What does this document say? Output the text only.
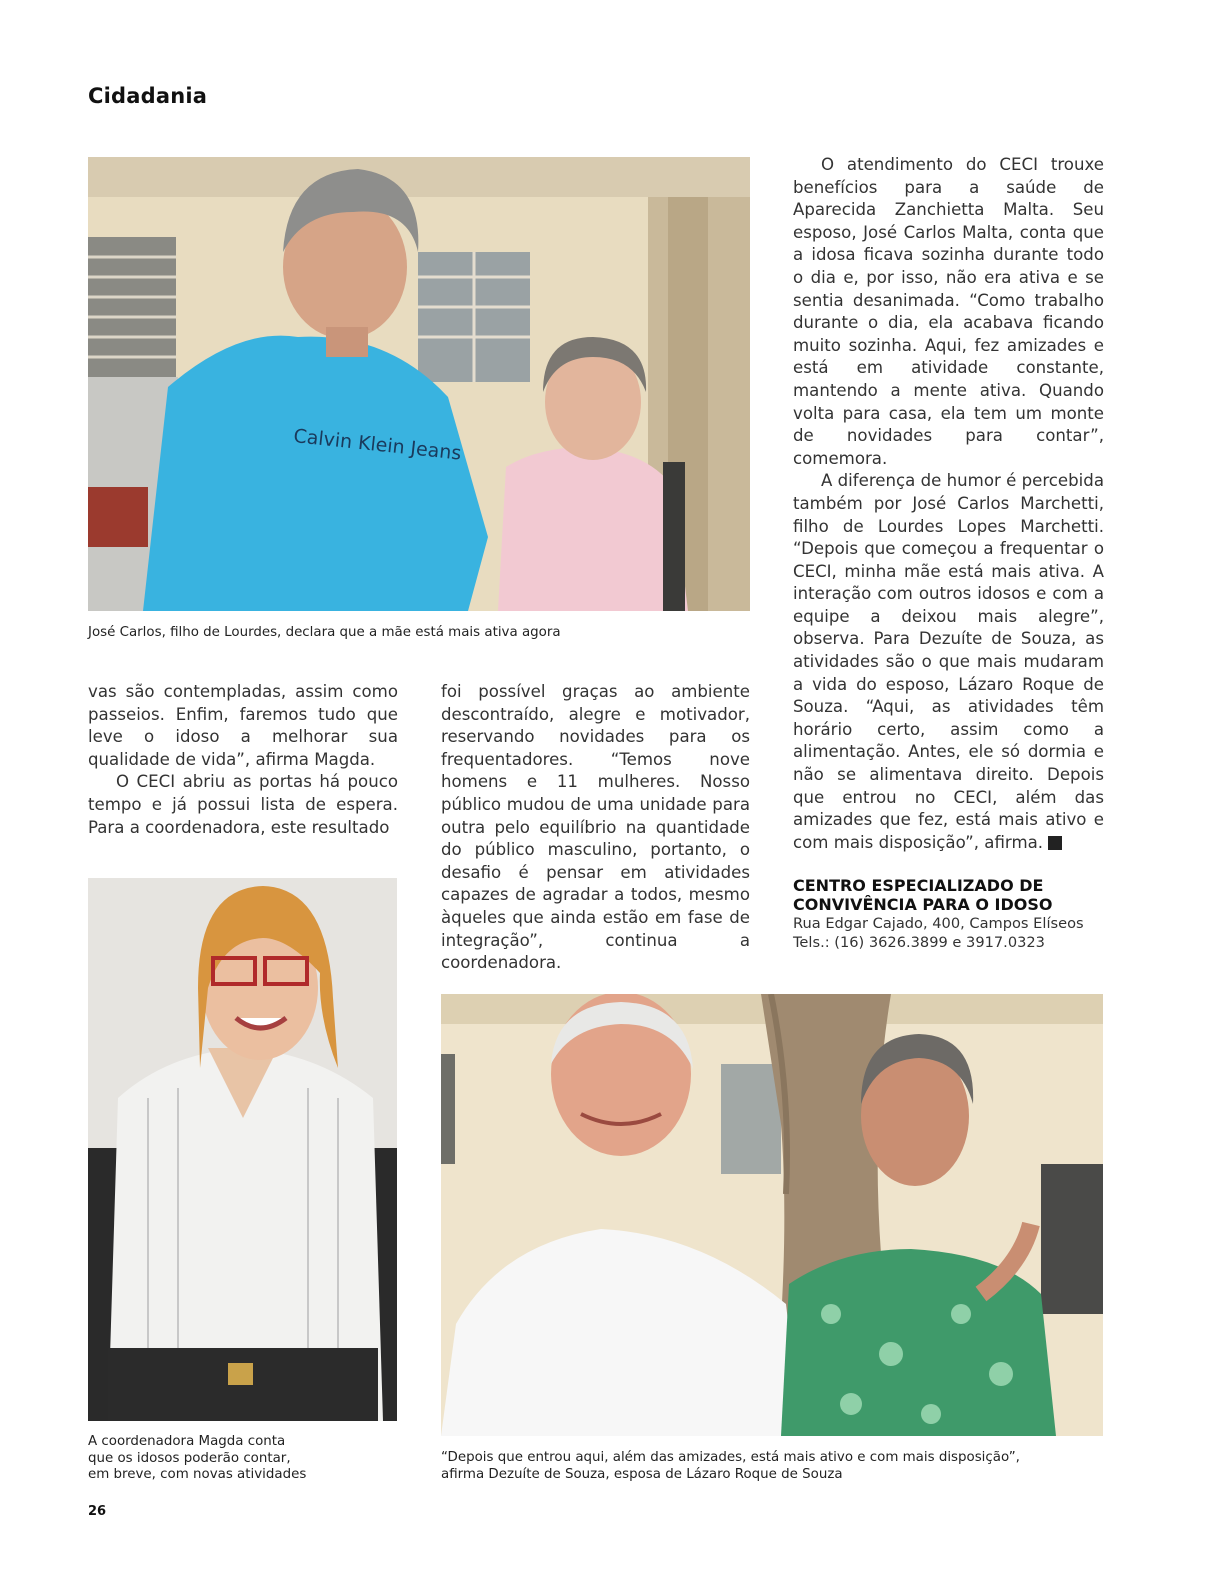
Cidadania
Calvin Klein Jeans
José Carlos, filho de Lourdes, declara que a mãe está mais ativa agora

vas são contempladas, assim como passeios. Enfim, faremos tudo que leve o idoso a melhorar sua qualidade de vida”, afirma Magda.

O CECI abriu as portas há pouco tempo e já possui lista de espera. Para a coordenadora, este resultado

foi possível graças ao ambiente descontraído, alegre e motivador, reservando novidades para os frequentadores. “Temos nove homens e 11 mulheres. Nosso público mudou de uma unidade para outra pelo equilíbrio na quantidade do público masculino, portanto, o desafio é pensar em atividades capazes de agradar a todos, mesmo àqueles que ainda estão em fase de integração”, continua a coordenadora.

O atendimento do CECI trouxe benefícios para a saúde de Aparecida Zanchietta Malta. Seu esposo, José Carlos Malta, conta que a idosa ficava sozinha durante todo o dia e, por isso, não era ativa e se sentia desanimada. “Como trabalho durante o dia, ela acabava ficando muito sozinha. Aqui, fez amizades e está em atividade constante, mantendo a mente ativa. Quando volta para casa, ela tem um monte de novidades para contar”, comemora.

A diferença de humor é percebida também por José Carlos Marchetti, filho de Lourdes Lopes Marchetti. “Depois que começou a frequentar o CECI, minha mãe está mais ativa. A interação com outros idosos e com a equipe a deixou mais alegre”, observa. Para Dezuíte de Souza, as atividades são o que mais mudaram a vida do esposo, Lázaro Roque de Souza. “Aqui, as atividades têm horário certo, assim como a alimentação. Antes, ele só dormia e não se alimentava direito. Depois que entrou no CECI, além das amizades que fez, está mais ativo e com mais disposição”, afirma.	r

CENTRO ESPECIALIZADO DE
CONVIVÊNCIA PARA O IDOSO
Rua Edgar Cajado, 400, Campos Elíseos
Tels.: (16) 3626.3899 e 3917.0323
A coordenadora Magda conta
que os idosos poderão contar,
em breve, com novas atividades
“Depois que entrou aqui, além das amizades, está mais ativo e com mais disposição”,
afirma Dezuíte de Souza, esposa de Lázaro Roque de Souza
26
